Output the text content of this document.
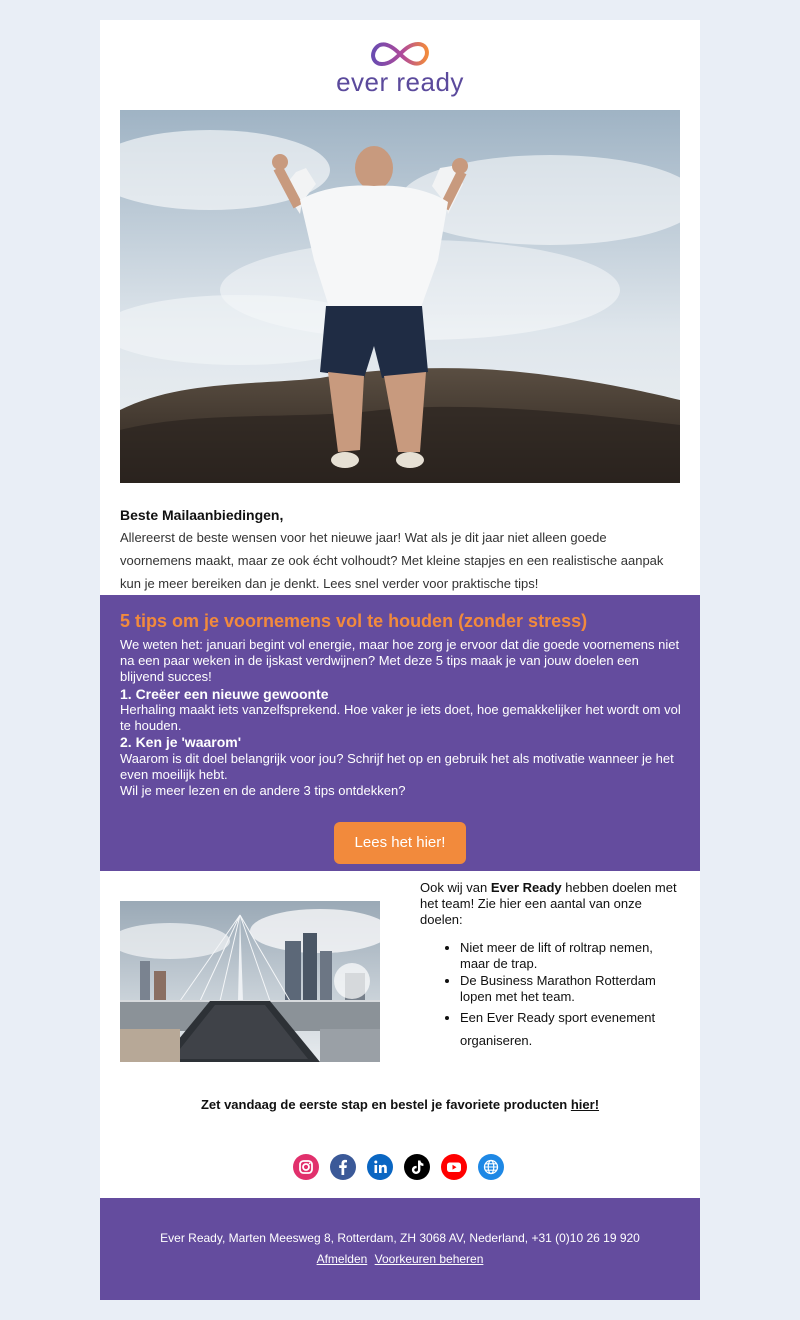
ever ready
Beste Mailaanbiedingen,
Allereerst de beste wensen voor het nieuwe jaar! Wat als je dit jaar niet alleen goede voornemens maakt, maar ze ook écht volhoudt? Met kleine stapjes en een realistische aanpak kun je meer bereiken dan je denkt. Lees snel verder voor praktische tips!
5 tips om je voornemens vol te houden (zonder stress)
We weten het: januari begint vol energie, maar hoe zorg je ervoor dat die goede voornemens niet na een paar weken in de ijskast verdwijnen? Met deze 5 tips maak je van jouw doelen een blijvend succes!
1. Creëer een nieuwe gewoonte
Herhaling maakt iets vanzelfsprekend. Hoe vaker je iets doet, hoe gemakkelijker het wordt om vol te houden.
2. Ken je 'waarom'
Waarom is dit doel belangrijk voor jou? Schrijf het op en gebruik het als motivatie wanneer je het even moeilijk hebt.
Wil je meer lezen en de andere 3 tips ontdekken?
Lees het hier!
Ook wij van Ever Ready hebben doelen met het team! Zie hier een aantal van onze doelen:
• Niet meer de lift of roltrap nemen, maar de trap.
• De Business Marathon Rotterdam lopen met het team.
• Een Ever Ready sport evenement organiseren.
Zet vandaag de eerste stap en bestel je favoriete producten hier!
Ever Ready, Marten Meesweg 8, Rotterdam, ZH 3068 AV, Nederland, +31 (0)10 26 19 920
Afmelden Voorkeuren beheren
